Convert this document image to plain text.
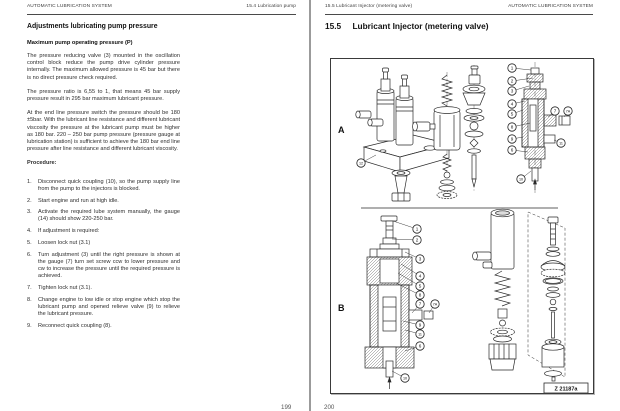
AUTOMATIC LUBRICATION SYSTEM	15.4 Lubrication pump
Adjustments lubricating pump pressure
Maximum pump operating pressure (P)
The pressure reducing valve (3) mounted in the oscillation control block reduce the pump drive cylinder pressure internally. The maximum allowed pressure is 45 bar but there is no direct pressure check required.
The pressure ratio is 6,55 to 1, that means 45 bar supply pressure result in 295 bar maximum lubricant pressure.
At the end line pressure switch the pressure should be 180 ±5bar. With the lubricant line resistance and different lubricant viscosity the pressure at the lubricant pump must be higher as 180 bar. 220 – 250 bar pump pressure (pressure gauge at lubrication station) is sufficient to achieve the 180 bar end line pressure after line resistance and different lubricant viscosity.
Procedure:
1.	Disconnect quick coupling (10), so the pump supply line from the pump to the injectors is blocked.
2.	Start engine and run at high idle.
3.	Activate the required lube system manually, the gauge (14) should show 220-250 bar.
4.	If adjustment is required:
5.	Loosen lock nut (3.1)
6.	Turn adjustment (3) until the right pressure is shown at the gauge (7) turn set screw ccw to lower pressure and cw to increase the pressure until the required pressure is achieved.
7.	Tighten lock nut (3.1).
8.	Change engine to low idle or stop engine which stop the lubricant pump and opened relieve valve (9) to relieve the lubricant pressure.
9.	Reconnect quick coupling (8).
199
15.5 Lubricant Injector (metering valve)	AUTOMATIC LUBRICATION SYSTEM
15.5 Lubricant Injector (metering valve)
A
1
2
3
4
5
8
9
6
7	7A
11
10
12
B
1
2
3
4
5
8
7	7A
9
11
6
10
Z 21187a
200
